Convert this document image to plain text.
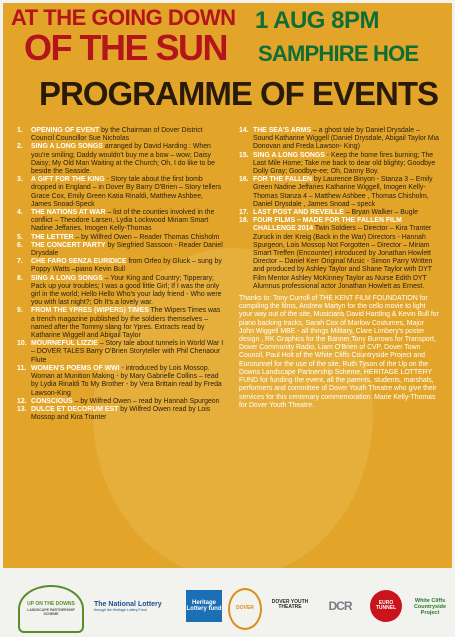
AT THE GOING DOWN
OF THE SUN
1 AUG 8PM
SAMPHIRE HOE
PROGRAMME OF EVENTS
1.	OPENING OF EVENT by the Chairman of Dover District Council Councillor Sue Nicholas
2.	SING A LONG SONGS arranged by David Harding : When you're smiling; Daddy wouldn't buy me a bow – wow; Daisy Daisy; My Old Man Waiting at the Church; Oh, I do like to be beside the Seaside.
3.	A GIFT FOR THE KING - Story tale about the first bomb dropped in England – in Dover By Barry O'Brien – Story tellers Grace Cox, Emily Green Katia Rinaldi, Matthew Ashbee, James Snoad-Speck
4.	THE NATIONS AT WAR – list of the counties involved in the conflict – Theodore Larsen, Lydia Lockwood Miriam Smart Nadine Jeffaries, Imogen Kelly-Thomas
5.	THE LETTER – by Wilfred Owen – Reader Thomas Chisholm
6.	THE CONCERT PARTY by Siegfried Sassoon - Reader Daniel Drysdale
7.	CHE FARO SENZA EURIDICE from Orfeo by Gluck – sung by Poppy Watts –piano Kevin Bull
8.	SING A LONG SONGS – Your King and Country; Tipperary; Pack up your troubles; I was a good little Girl; If I was the only girl in the world; Hello Hello Who's your lady friend - Who were you with last night?; Oh It's a lovely war.
9.	FROM THE YPRES (WIPERS) TIMES The Wipers Times was a trench magazine published by the soldiers themselves – named after the Tommy slang for Ypres. Extracts read by Katharine Wiggell and Abigail Taylor
10. MOURNEFUL LIZZIE – Story tale about tunnels in World War I – DOVER TALES Barry O'Brien Storyteller with Phil Chenaour Flute
11. WOMEN'S POEMS OF WWI - introduced by Lois Mossop. Woman at Munition Making - by Mary Gabrielle Collins – read by Lydia Rinaldi To My Brother - by Vera Brittain read by Freda Lawson-King
12. CONSCIOUS – by Wilfred Owen – read by Hannah Spurgeon
13. DULCE ET DECORUM EST by Wilfred Owen read by Lois Mossop and Kira Tranter
14. THE SEA'S ARMS – a ghost tale by Daniel Drysdale – Sound Katharine Wiggell (Daniel Drysdale, Abigail Taylor Mia Donovan and Freda Lawson- King)
15. SING A LONG SONGS - Keep the home fires burning; The Last Mile Home; Take me back to dear old blighty; Goodbye Dolly Gray; Goodbye-ee; Oh, Danny Boy.
16. FOR THE FALLEN by Laurence Binyon - Stanza 3 – Emily Green Nadine Jeffaries Katharine Wiggell, Imogen Kelly-Thomas Stanza 4 – Matthew Ashbee , Thomas Chisholm, Daniel Drysdale , James Snoad – speck
17. LAST POST AND REVEILLE – Bryan Walker – Bugle
18. FOUR FILMS – MADE FOR THE FALLEN FILM CHALLENGE 2014 Twin Soldiers – Director – Kira Tranter Zuruck in der Kreig (Back in the War) Directors - Hannah Spurgeon, Lois Mossop Not Forgotten – Director – Miriam Smart Treffen (Encounter) introduced by Jonathan Howlett Director – Daniel Kerr Original Music - Simon Parry Written and produced by Ashley Taylor and Shane Taylor with DYT Film Mentor Ashley McKinney Taylor as Nurse Edith DYT Alumnus professional actor Jonathan Howlett as Ernest.

Thanks to: Tony Curroll of THE KENT FILM FOUNDATION for compiling the films, Andrew Martyn for the cello movie to light your way out of the site, Musicians David Harding & Kevin Bull for piano backing tracks, Sarah Cox of Marlow Costumes, Major John Wiggell MBE - all things Military, Clare Limbery's poster design , RK Graphics for the Banner,Tony Burrows for Transport, Dover Community Radio, Liam O'Brien of CVP, Dover Town Council, Paul Holt of the White Cliffs Countryside Project and Eurotunnel for the use of the site, Ruth Tyson of the Up on the Downs Landscape Partnership Scheme, HERITAGE LOTTERY FUND for funding the event, all the parents, students, marshals, performers and committee of Dover Youth Theatre who give their services for this centenary commemoration. Marie Kelly-Thomas for Dover Youth Theatre.

UP ON THE DOWNS
LANDSCAPE PARTNERSHIP SCHEME
The National Lottery
through the Heritage Lottery Fund
Heritage Lottery fund	DOVER
DOVER YOUTH THEATRE	DCR	EURO TUNNEL
White Cliffs Countryside Project
